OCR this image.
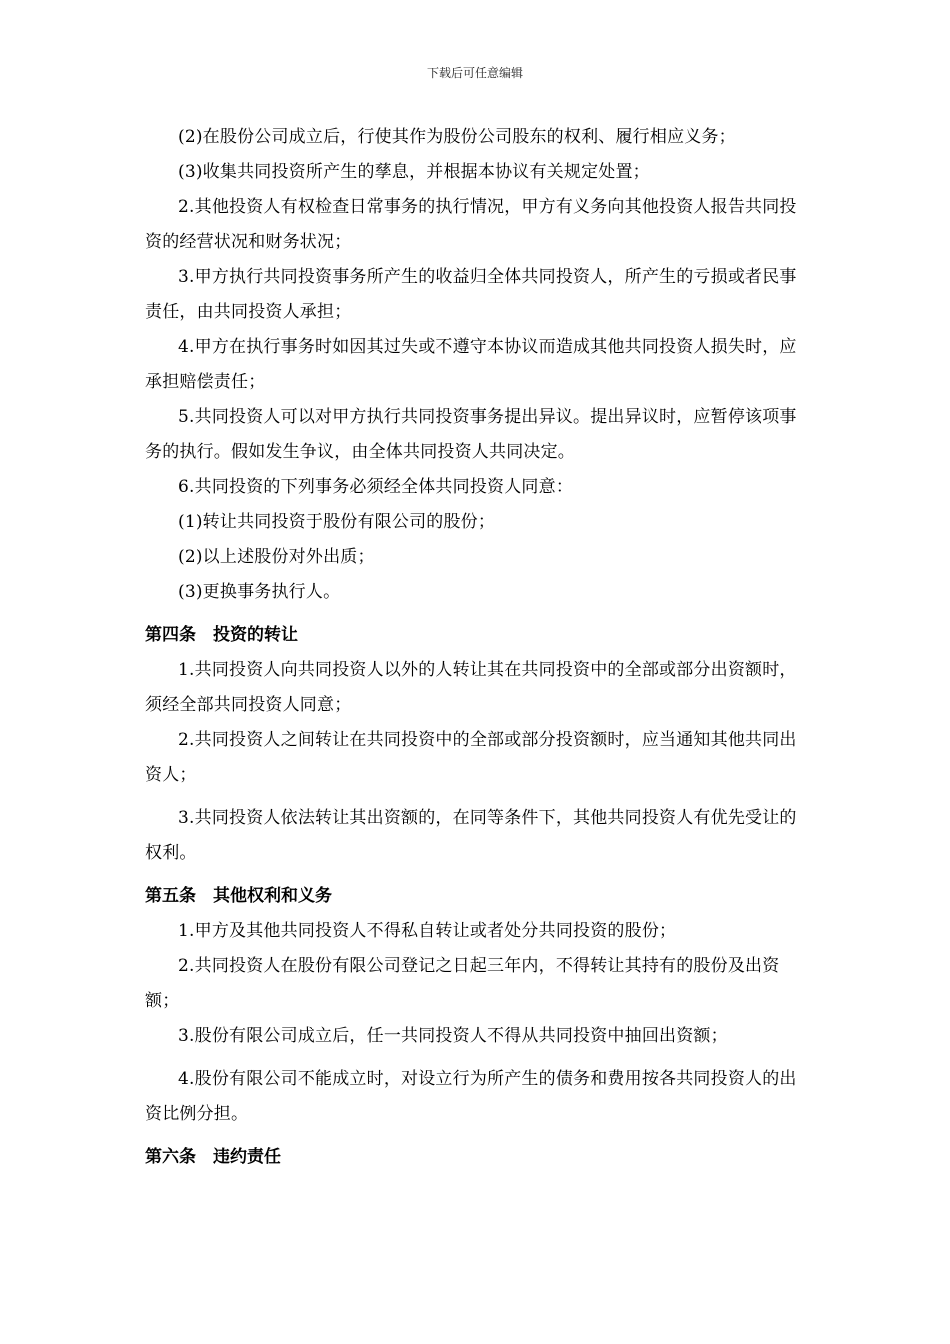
下载后可任意编辑

(2)在股份公司成立后，行使其作为股份公司股东的权利、履行相应义务；

(3)收集共同投资所产生的孳息，并根据本协议有关规定处置；

2.其他投资人有权检查日常事务的执行情况，甲方有义务向其他投资人报告共同投资的经营状况和财务状况；

3.甲方执行共同投资事务所产生的收益归全体共同投资人，所产生的亏损或者民事责任，由共同投资人承担；

4.甲方在执行事务时如因其过失或不遵守本协议而造成其他共同投资人损失时，应承担赔偿责任；

5.共同投资人可以对甲方执行共同投资事务提出异议。提出异议时，应暂停该项事务的执行。假如发生争议，由全体共同投资人共同决定。

6.共同投资的下列事务必须经全体共同投资人同意：

(1)转让共同投资于股份有限公司的股份；

(2)以上述股份对外出质；

(3)更换事务执行人。

第四条　投资的转让

1.共同投资人向共同投资人以外的人转让其在共同投资中的全部或部分出资额时，须经全部共同投资人同意；

2.共同投资人之间转让在共同投资中的全部或部分投资额时，应当通知其他共同出资人；

3.共同投资人依法转让其出资额的，在同等条件下，其他共同投资人有优先受让的权利。

第五条　其他权利和义务

1.甲方及其他共同投资人不得私自转让或者处分共同投资的股份；

2.共同投资人在股份有限公司登记之日起三年内，不得转让其持有的股份及出资额；

3.股份有限公司成立后，任一共同投资人不得从共同投资中抽回出资额；

4.股份有限公司不能成立时，对设立行为所产生的债务和费用按各共同投资人的出资比例分担。

第六条　违约责任
